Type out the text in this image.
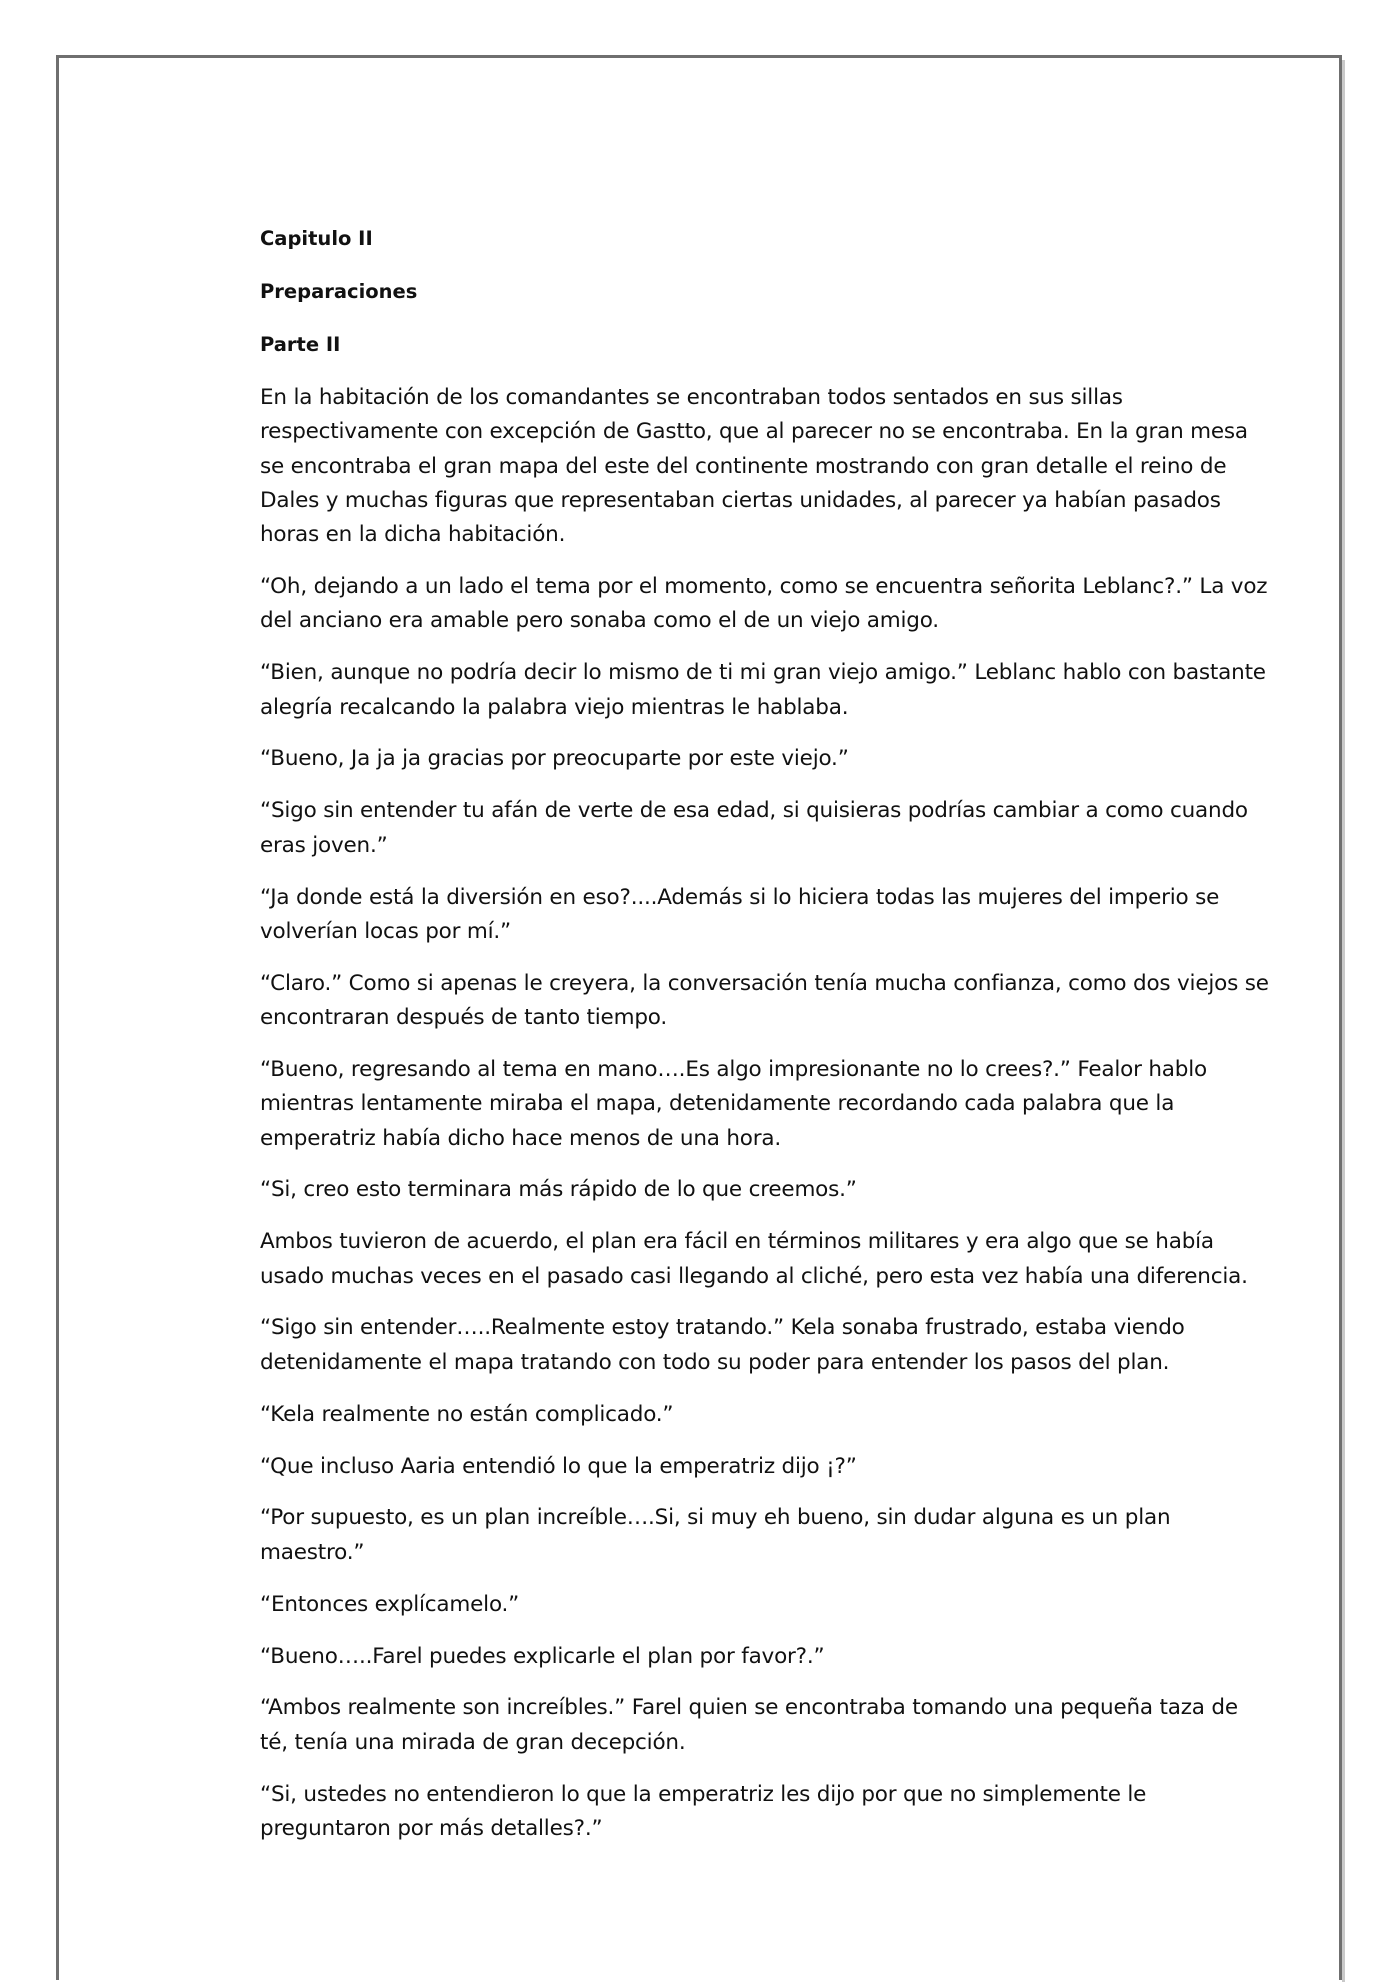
Capitulo II
Preparaciones
Parte II

En la habitación de los comandantes se encontraban todos sentados en sus sillas respectivamente con excepción de Gastto, que al parecer no se encontraba. En la gran mesa se encontraba el gran mapa del este del continente mostrando con gran detalle el reino de Dales y muchas figuras que representaban ciertas unidades, al parecer ya habían pasados horas en la dicha habitación.

“Oh, dejando a un lado el tema por el momento, como se encuentra señorita Leblanc?.” La voz del anciano era amable pero sonaba como el de un viejo amigo.

“Bien, aunque no podría decir lo mismo de ti mi gran viejo amigo.” Leblanc hablo con bastante alegría recalcando la palabra viejo mientras le hablaba.

“Bueno, Ja ja ja gracias por preocuparte por este viejo.”

“Sigo sin entender tu afán de verte de esa edad, si quisieras podrías cambiar a como cuando eras joven.”

“Ja donde está la diversión en eso?....Además si lo hiciera todas las mujeres del imperio se volverían locas por mí.”

“Claro.” Como si apenas le creyera, la conversación tenía mucha confianza, como dos viejos se encontraran después de tanto tiempo.

“Bueno, regresando al tema en mano….Es algo impresionante no lo crees?.” Fealor hablo mientras lentamente miraba el mapa, detenidamente recordando cada palabra que la emperatriz había dicho hace menos de una hora.

“Si, creo esto terminara más rápido de lo que creemos.”

Ambos tuvieron de acuerdo, el plan era fácil en términos militares y era algo que se había usado muchas veces en el pasado casi llegando al cliché, pero esta vez había una diferencia.

“Sigo sin entender…..Realmente estoy tratando.” Kela sonaba frustrado, estaba viendo detenidamente el mapa tratando con todo su poder para entender los pasos del plan.

“Kela realmente no están complicado.”

“Que incluso Aaria entendió lo que la emperatriz dijo ¡?”

“Por supuesto, es un plan increíble….Si, si muy eh bueno, sin dudar alguna es un plan maestro.”

“Entonces explícamelo.”

“Bueno…..Farel puedes explicarle el plan por favor?.”

“Ambos realmente son increíbles.” Farel quien se encontraba tomando una pequeña taza de té, tenía una mirada de gran decepción.

“Si, ustedes no entendieron lo que la emperatriz les dijo por que no simplemente le preguntaron por más detalles?.”
